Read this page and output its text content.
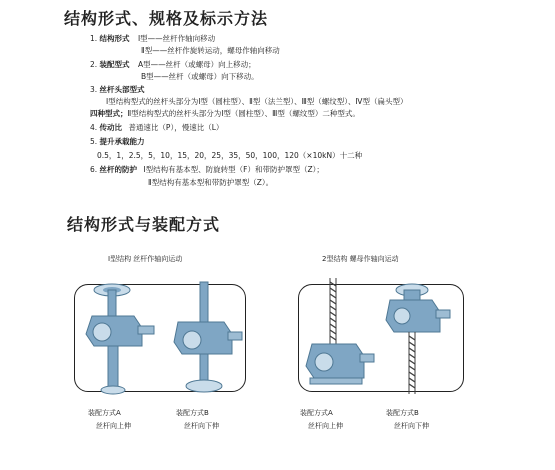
结构形式、规格及标示方法
1. 结构形式 Ⅰ型——丝杆作轴向移动
Ⅱ型——丝杆作旋转运动，螺母作轴向移动
2. 装配型式 A型——丝杆（或螺母）向上移动；
B型——丝杆（或螺母）向下移动。
3. 丝杆头部型式
Ⅰ型结构型式的丝杆头部分为Ⅰ型（圆柱型）、Ⅱ型（法兰型）、Ⅲ型（螺纹型）、Ⅳ型（扁头型）
四种型式；Ⅱ型结构型式的丝杆头部分为Ⅰ型（圆柱型）、Ⅲ型（螺纹型）二种型式。
4. 传动比 普通速比（P），慢速比（L）
5. 提升承载能力
0.5，1，2.5，5，10，15，20，25，35，50，100，120（×10kN）十二种
6. 丝杆的防护 Ⅰ型结构有基本型、防旋转型（F）和带防护罩型（Z）；
Ⅱ型结构有基本型和带防护罩型（Z）。
结构形式与装配方式
Ⅰ型结构 丝杆作轴向运动	2型结构 螺母作轴向运动
装配方式A
丝杆向上伸
装配方式B
丝杆向下伸
装配方式A
丝杆向上伸
装配方式B
丝杆向下伸
